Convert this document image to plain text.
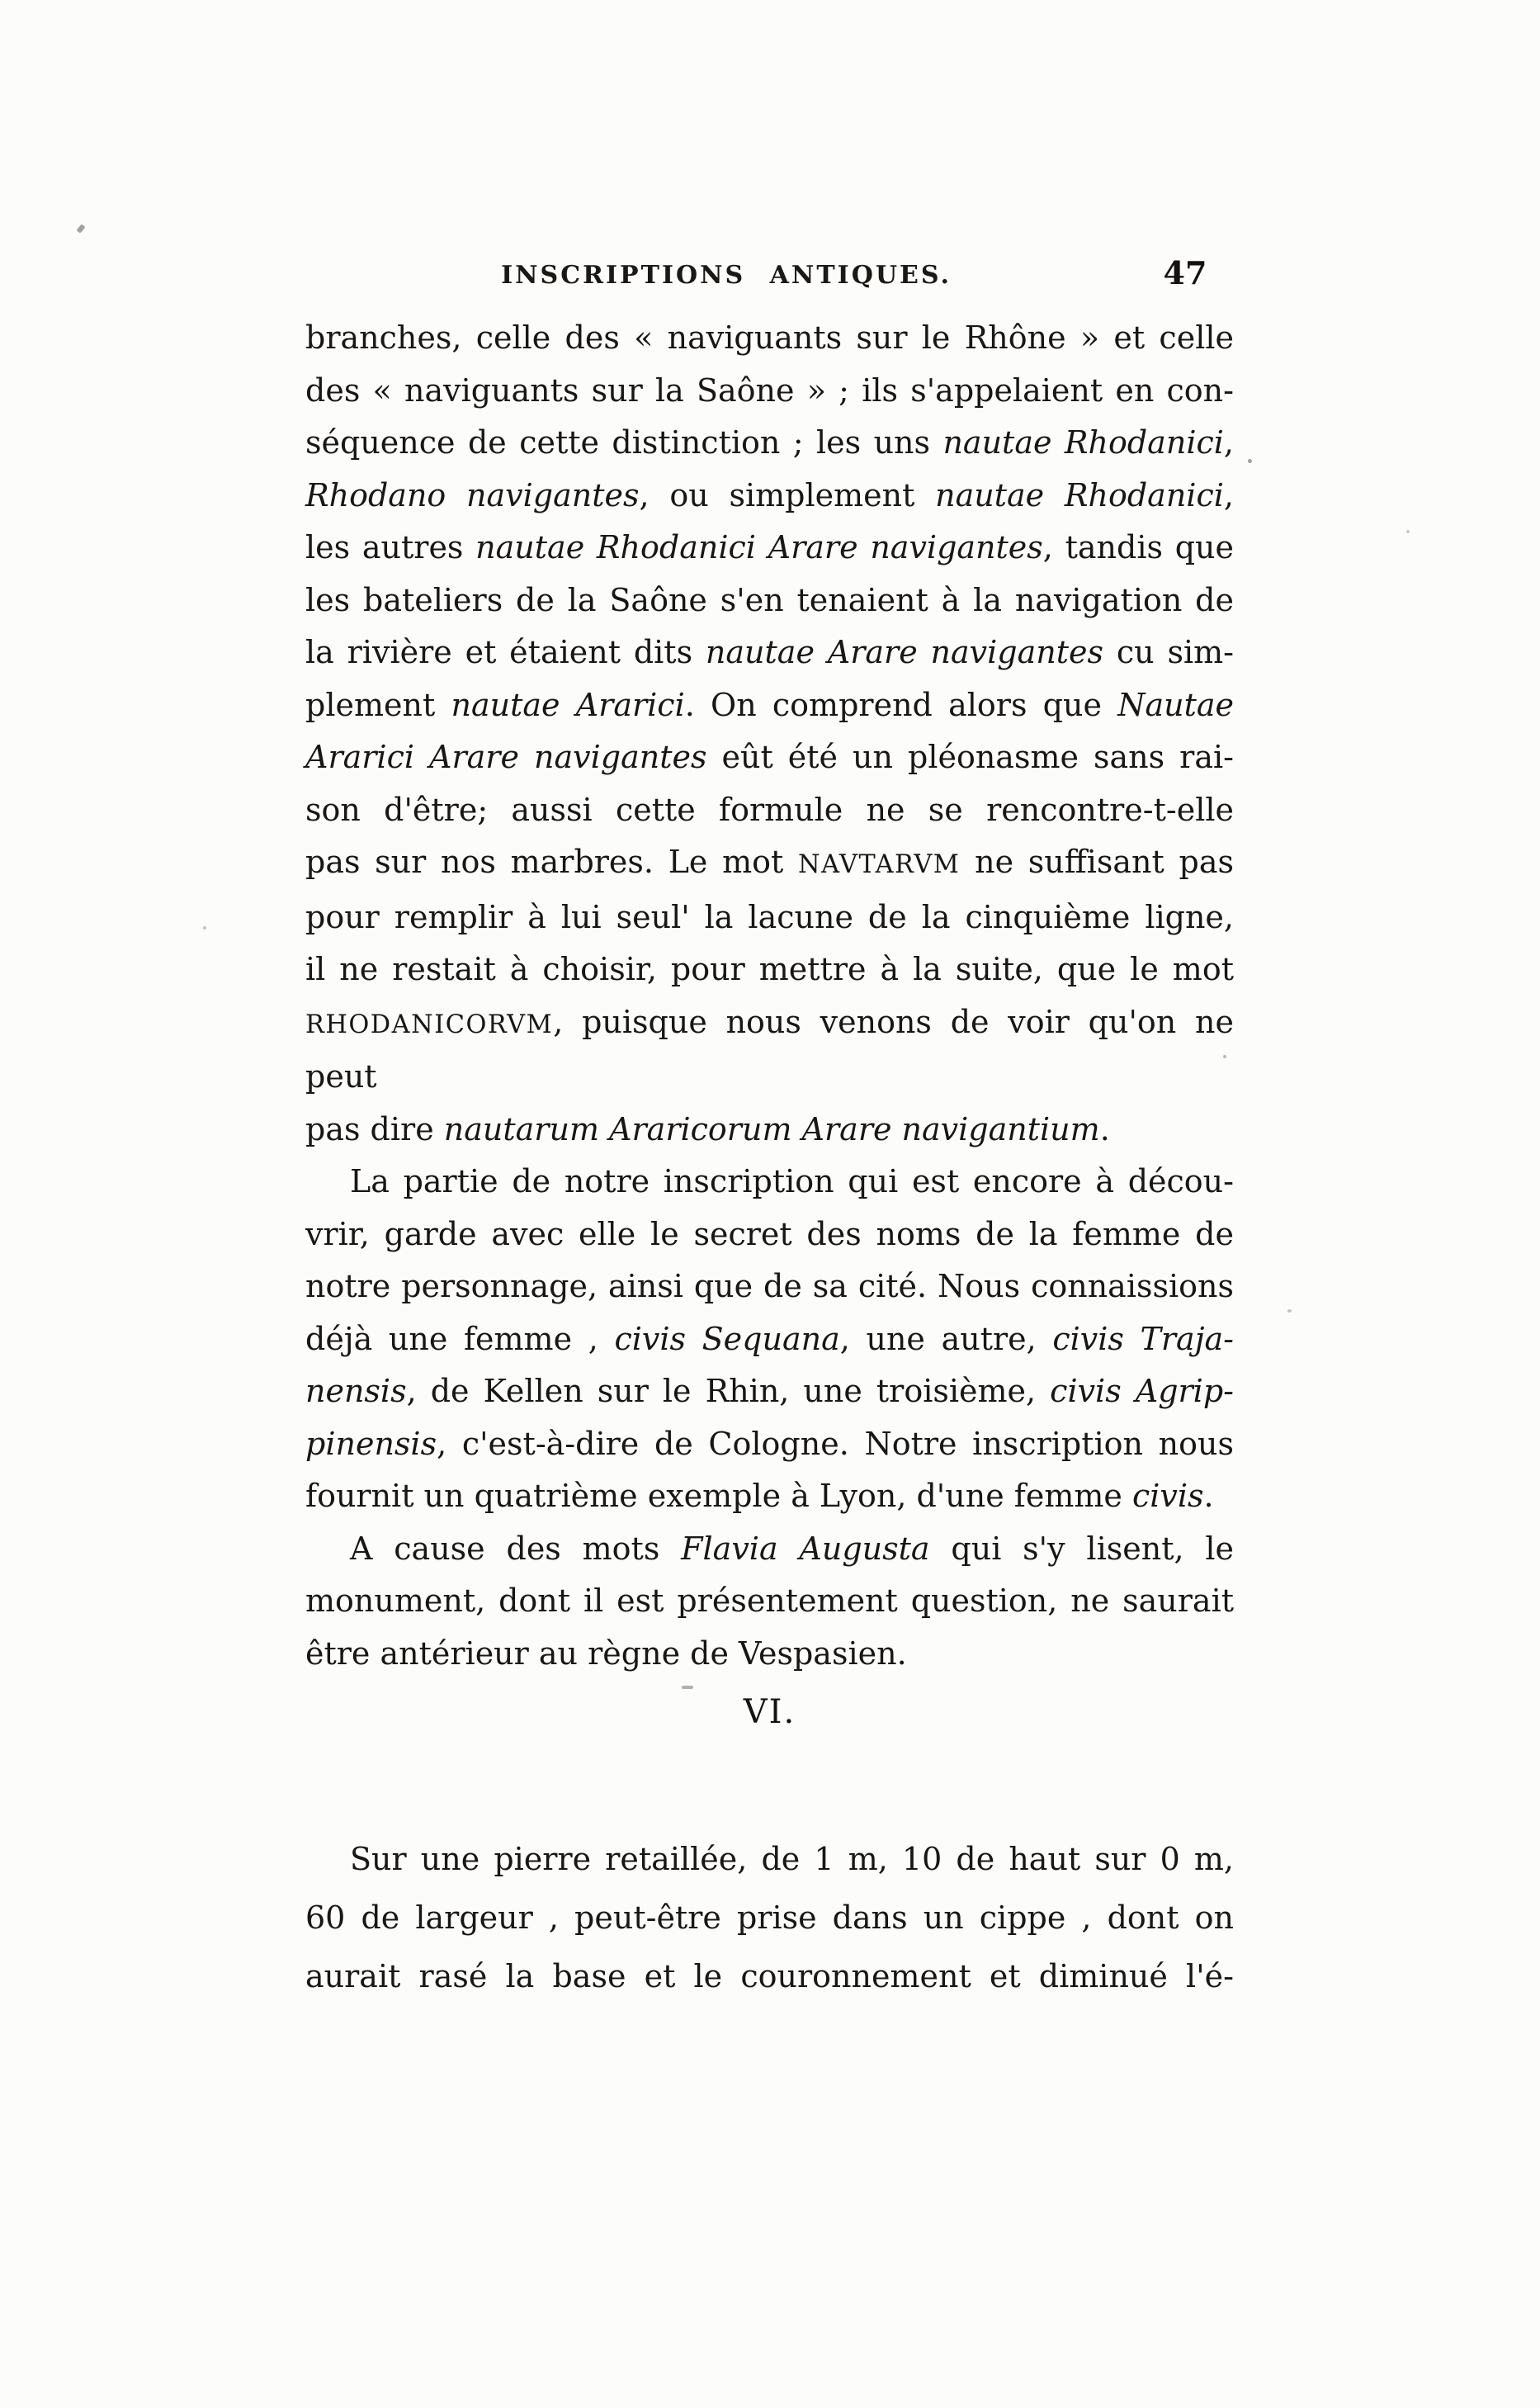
INSCRIPTIONS ANTIQUES.	47
branches, celle des « naviguants sur le Rhône » et celle
des « naviguants sur la Saône » ; ils s'appelaient en con-
séquence de cette distinction ; les uns nautae Rhodanici,
Rhodano navigantes, ou simplement nautae Rhodanici,
les autres nautae Rhodanici Arare navigantes, tandis que
les bateliers de la Saône s'en tenaient à la navigation de
la rivière et étaient dits nautae Arare navigantes cu sim-
plement nautae Ararici. On comprend alors que Nautae
Ararici Arare navigantes eût été un pléonasme sans rai-
son d'être; aussi cette formule ne se rencontre-t-elle
pas sur nos marbres. Le mot NAVTARVM ne suffisant pas
pour remplir à lui seul' la lacune de la cinquième ligne,
il ne restait à choisir, pour mettre à la suite, que le mot
RHODANICORVM, puisque nous venons de voir qu'on ne peut
pas dire nautarum Araricorum Arare navigantium.
La partie de notre inscription qui est encore à décou-
vrir, garde avec elle le secret des noms de la femme de
notre personnage, ainsi que de sa cité. Nous connaissions
déjà une femme , civis Sequana, une autre, civis Traja-
nensis, de Kellen sur le Rhin, une troisième, civis Agrip-
pinensis, c'est-à-dire de Cologne. Notre inscription nous
fournit un quatrième exemple à Lyon, d'une femme civis.
A cause des mots Flavia Augusta qui s'y lisent, le
monument, dont il est présentement question, ne saurait
être antérieur au règne de Vespasien.
VI.
Sur une pierre retaillée, de 1 m, 10 de haut sur 0 m,
60 de largeur , peut-être prise dans un cippe , dont on
aurait rasé la base et le couronnement et diminué l'é-
